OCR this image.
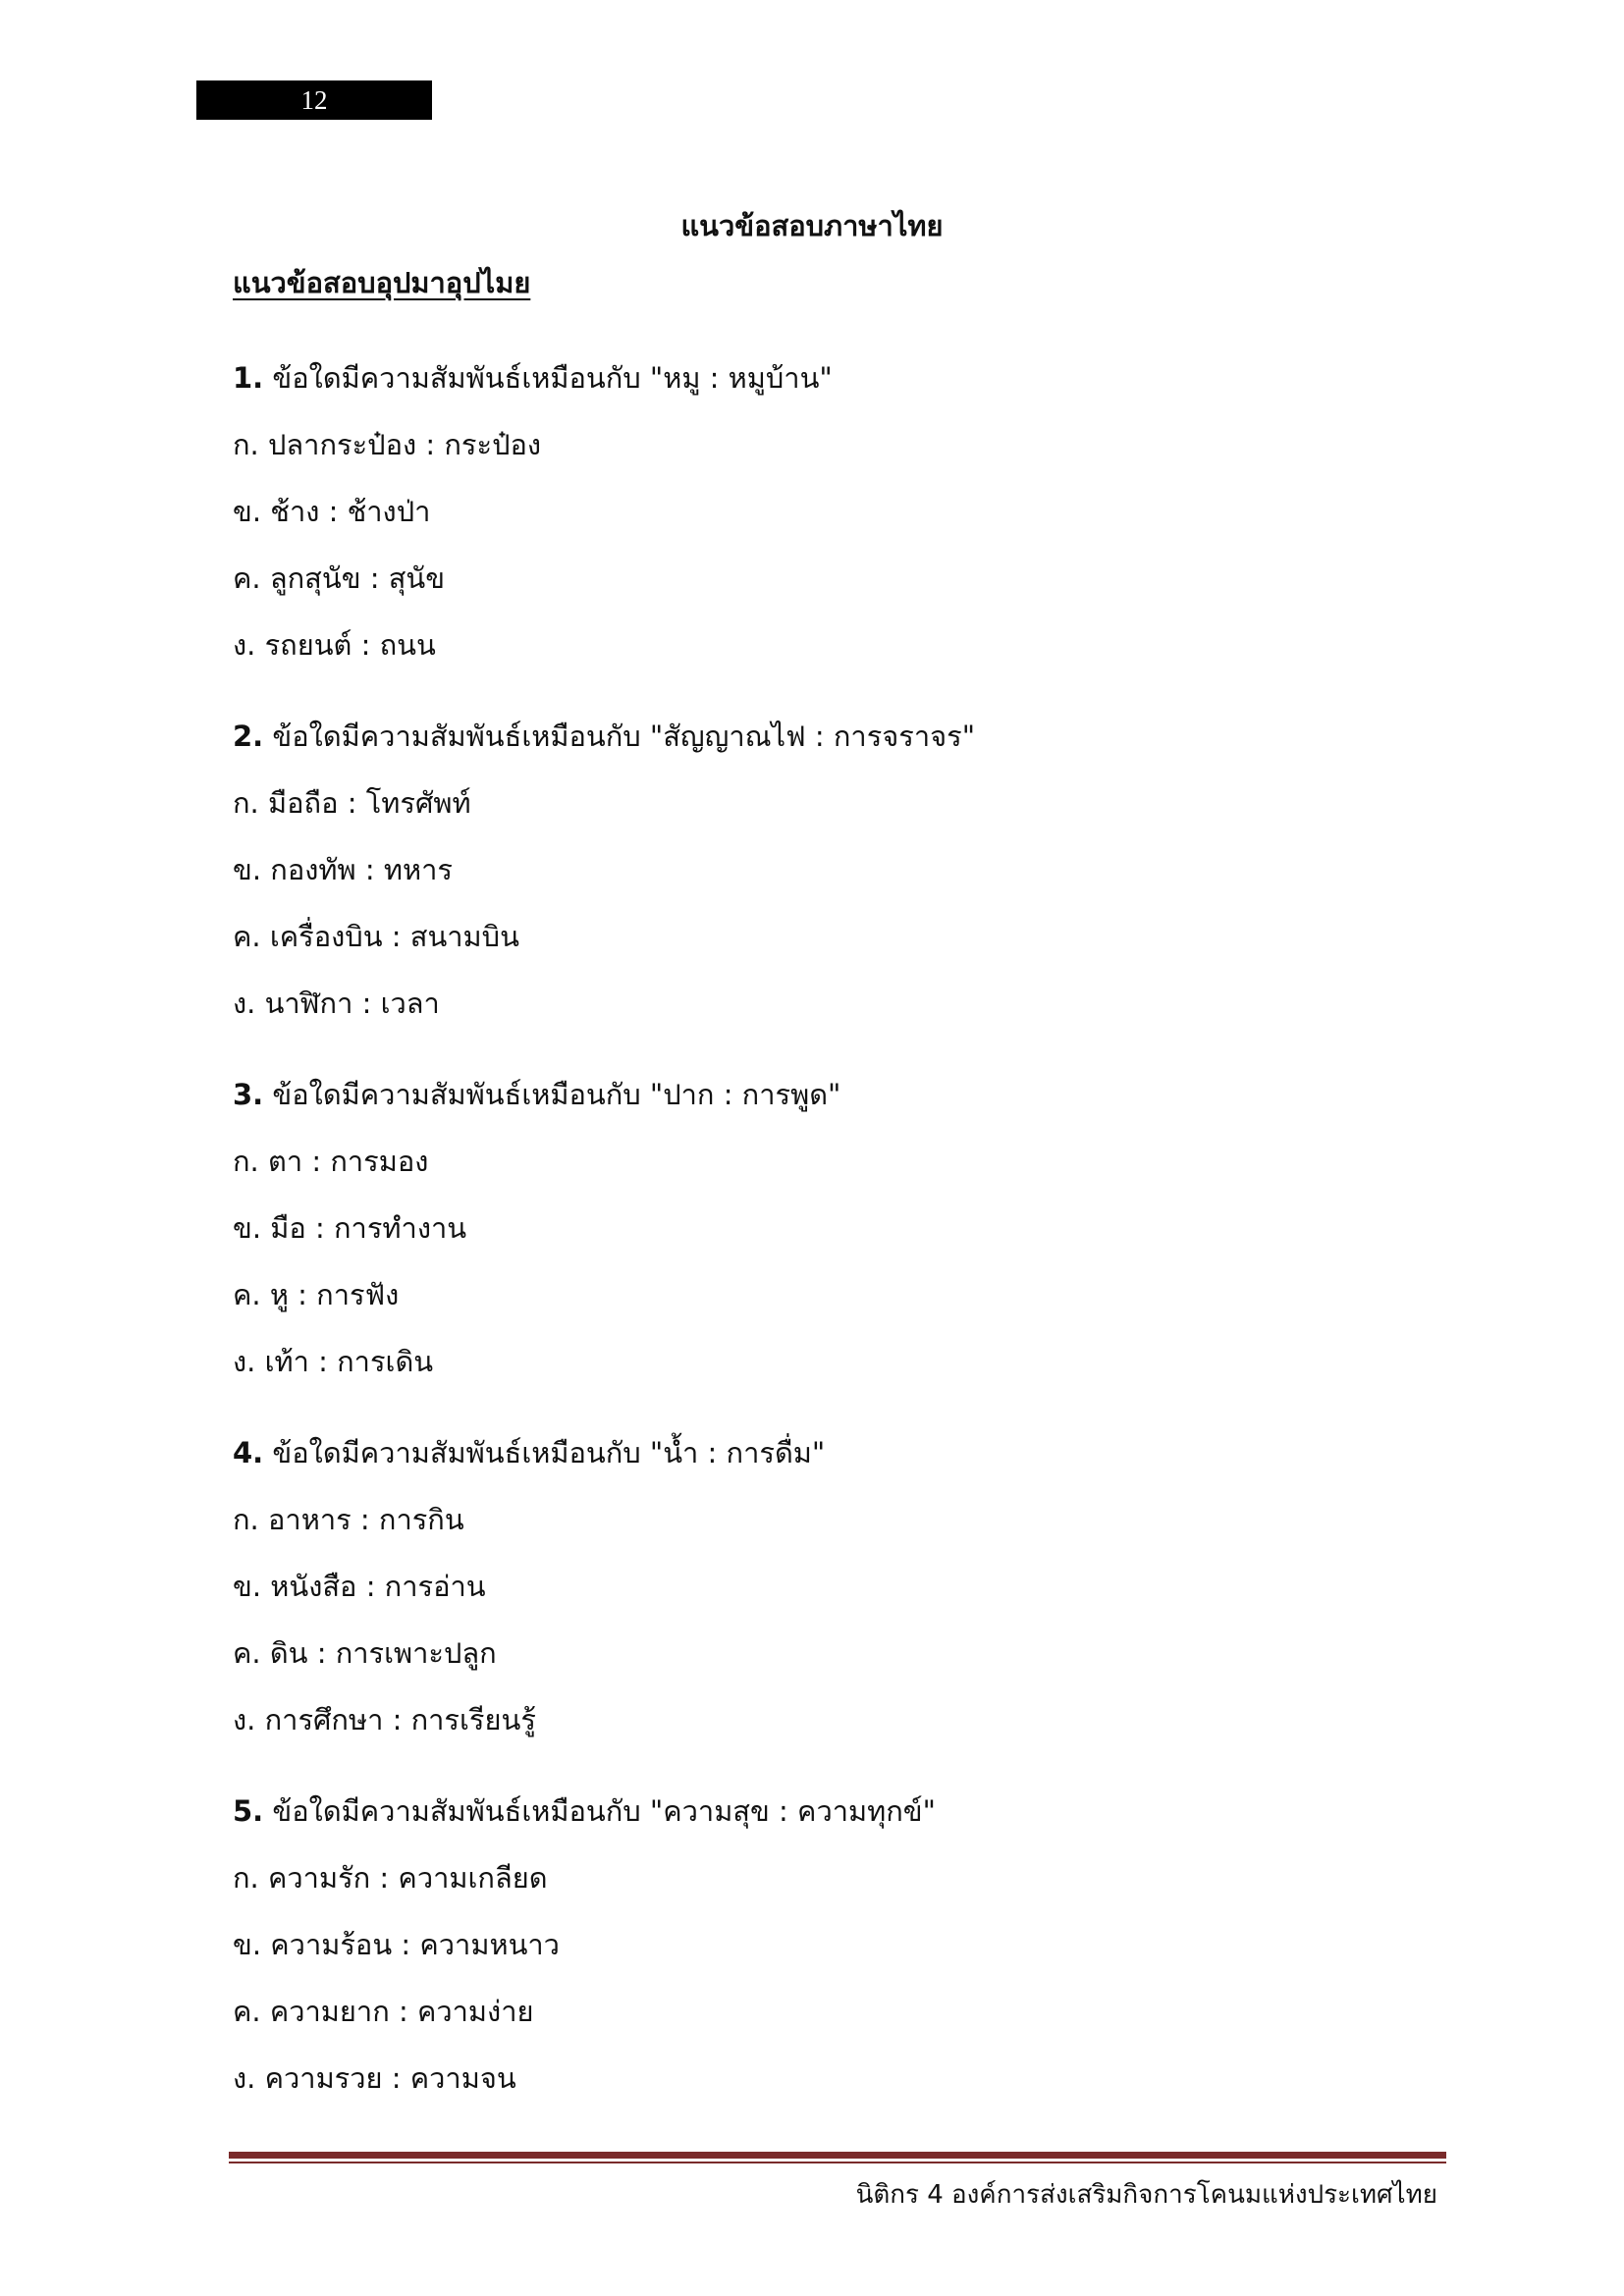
12
แนวข้อสอบภาษาไทย
แนวข้อสอบอุปมาอุปไมย
1. ข้อใดมีความสัมพันธ์เหมือนกับ "หมู : หมูบ้าน"
ก. ปลากระป๋อง : กระป๋อง
ข. ช้าง : ช้างป่า
ค. ลูกสุนัข : สุนัข
ง. รถยนต์ : ถนน
2. ข้อใดมีความสัมพันธ์เหมือนกับ "สัญญาณไฟ : การจราจร"
ก. มือถือ : โทรศัพท์
ข. กองทัพ : ทหาร
ค. เครื่องบิน : สนามบิน
ง. นาฬิกา : เวลา
3. ข้อใดมีความสัมพันธ์เหมือนกับ "ปาก : การพูด"
ก. ตา : การมอง
ข. มือ : การทำงาน
ค. หู : การฟัง
ง. เท้า : การเดิน
4. ข้อใดมีความสัมพันธ์เหมือนกับ "น้ำ : การดื่ม"
ก. อาหาร : การกิน
ข. หนังสือ : การอ่าน
ค. ดิน : การเพาะปลูก
ง. การศึกษา : การเรียนรู้
5. ข้อใดมีความสัมพันธ์เหมือนกับ "ความสุข : ความทุกข์"
ก. ความรัก : ความเกลียด
ข. ความร้อน : ความหนาว
ค. ความยาก : ความง่าย
ง. ความรวย : ความจน
นิติกร 4 องค์การส่งเสริมกิจการโคนมแห่งประเทศไทย
